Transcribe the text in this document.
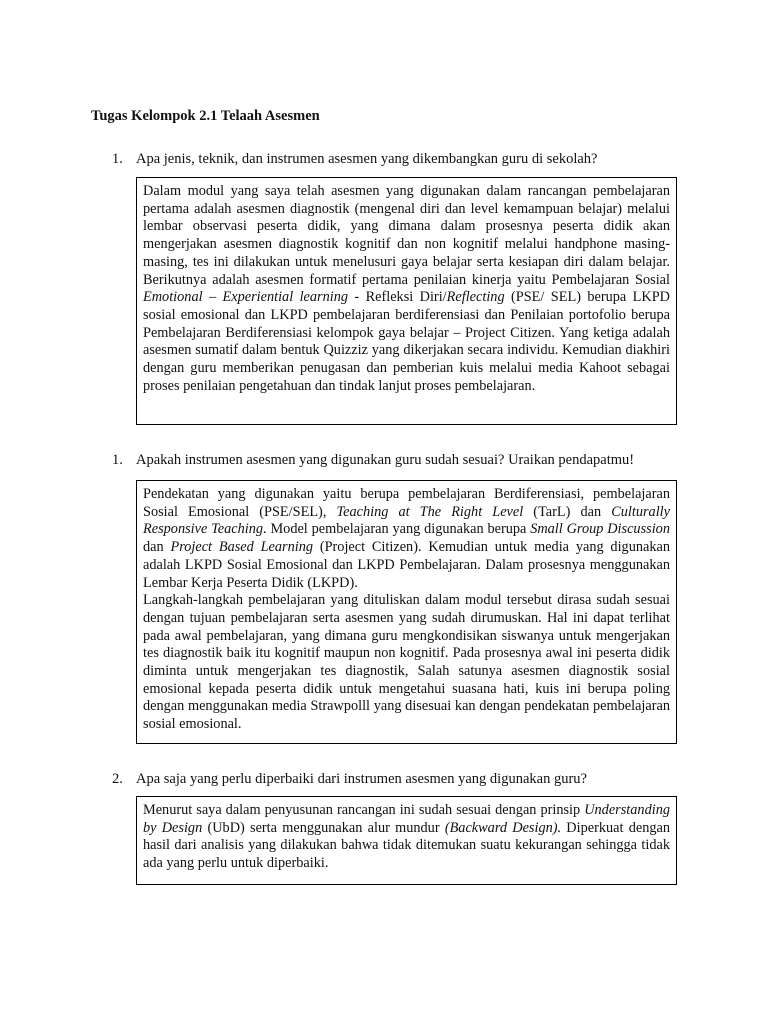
Tugas Kelompok 2.1 Telaah Asesmen
1. Apa jenis, teknik, dan instrumen asesmen yang dikembangkan guru di sekolah?

Dalam modul yang saya telah asesmen yang digunakan dalam rancangan pembelajaran pertama adalah asesmen diagnostik (mengenal diri dan level kemampuan belajar) melalui lembar observasi peserta didik, yang dimana dalam prosesnya peserta didik akan mengerjakan asesmen diagnostik kognitif dan non kognitif melalui handphone masing-masing, tes ini dilakukan untuk menelusuri gaya belajar serta kesiapan diri dalam belajar. Berikutnya adalah asesmen formatif pertama penilaian kinerja yaitu Pembelajaran Sosial Emotional – Experiential learning - Refleksi Diri/Reflecting (PSE/ SEL) berupa LKPD sosial emosional dan LKPD pembelajaran berdiferensiasi dan Penilaian portofolio berupa Pembelajaran Berdiferensiasi kelompok gaya belajar – Project Citizen. Yang ketiga adalah asesmen sumatif dalam bentuk Quizziz yang dikerjakan secara individu. Kemudian diakhiri dengan guru memberikan penugasan dan pemberian kuis melalui media Kahoot sebagai proses penilaian pengetahuan dan tindak lanjut proses pembelajaran.

1. Apakah instrumen asesmen yang digunakan guru sudah sesuai? Uraikan pendapatmu!

Pendekatan yang digunakan yaitu berupa pembelajaran Berdiferensiasi, pembelajaran Sosial Emosional (PSE/SEL), Teaching at The Right Level (TarL) dan Culturally Responsive Teaching. Model pembelajaran yang digunakan berupa Small Group Discussion dan Project Based Learning (Project Citizen). Kemudian untuk media yang digunakan adalah LKPD Sosial Emosional dan LKPD Pembelajaran. Dalam prosesnya menggunakan Lembar Kerja Peserta Didik (LKPD).

Langkah-langkah pembelajaran yang dituliskan dalam modul tersebut dirasa sudah sesuai dengan tujuan pembelajaran serta asesmen yang sudah dirumuskan. Hal ini dapat terlihat pada awal pembelajaran, yang dimana guru mengkondisikan siswanya untuk mengerjakan tes diagnostik baik itu kognitif maupun non kognitif. Pada prosesnya awal ini peserta didik diminta untuk mengerjakan tes diagnostik, Salah satunya asesmen diagnostik sosial emosional kepada peserta didik untuk mengetahui suasana hati, kuis ini berupa poling dengan menggunakan media Strawpolll yang disesuai kan dengan pendekatan pembelajaran sosial emosional.

2. Apa saja yang perlu diperbaiki dari instrumen asesmen yang digunakan guru?

Menurut saya dalam penyusunan rancangan ini sudah sesuai dengan prinsip Understanding by Design (UbD) serta menggunakan alur mundur (Backward Design). Diperkuat dengan hasil dari analisis yang dilakukan bahwa tidak ditemukan suatu kekurangan sehingga tidak ada yang perlu untuk diperbaiki.
